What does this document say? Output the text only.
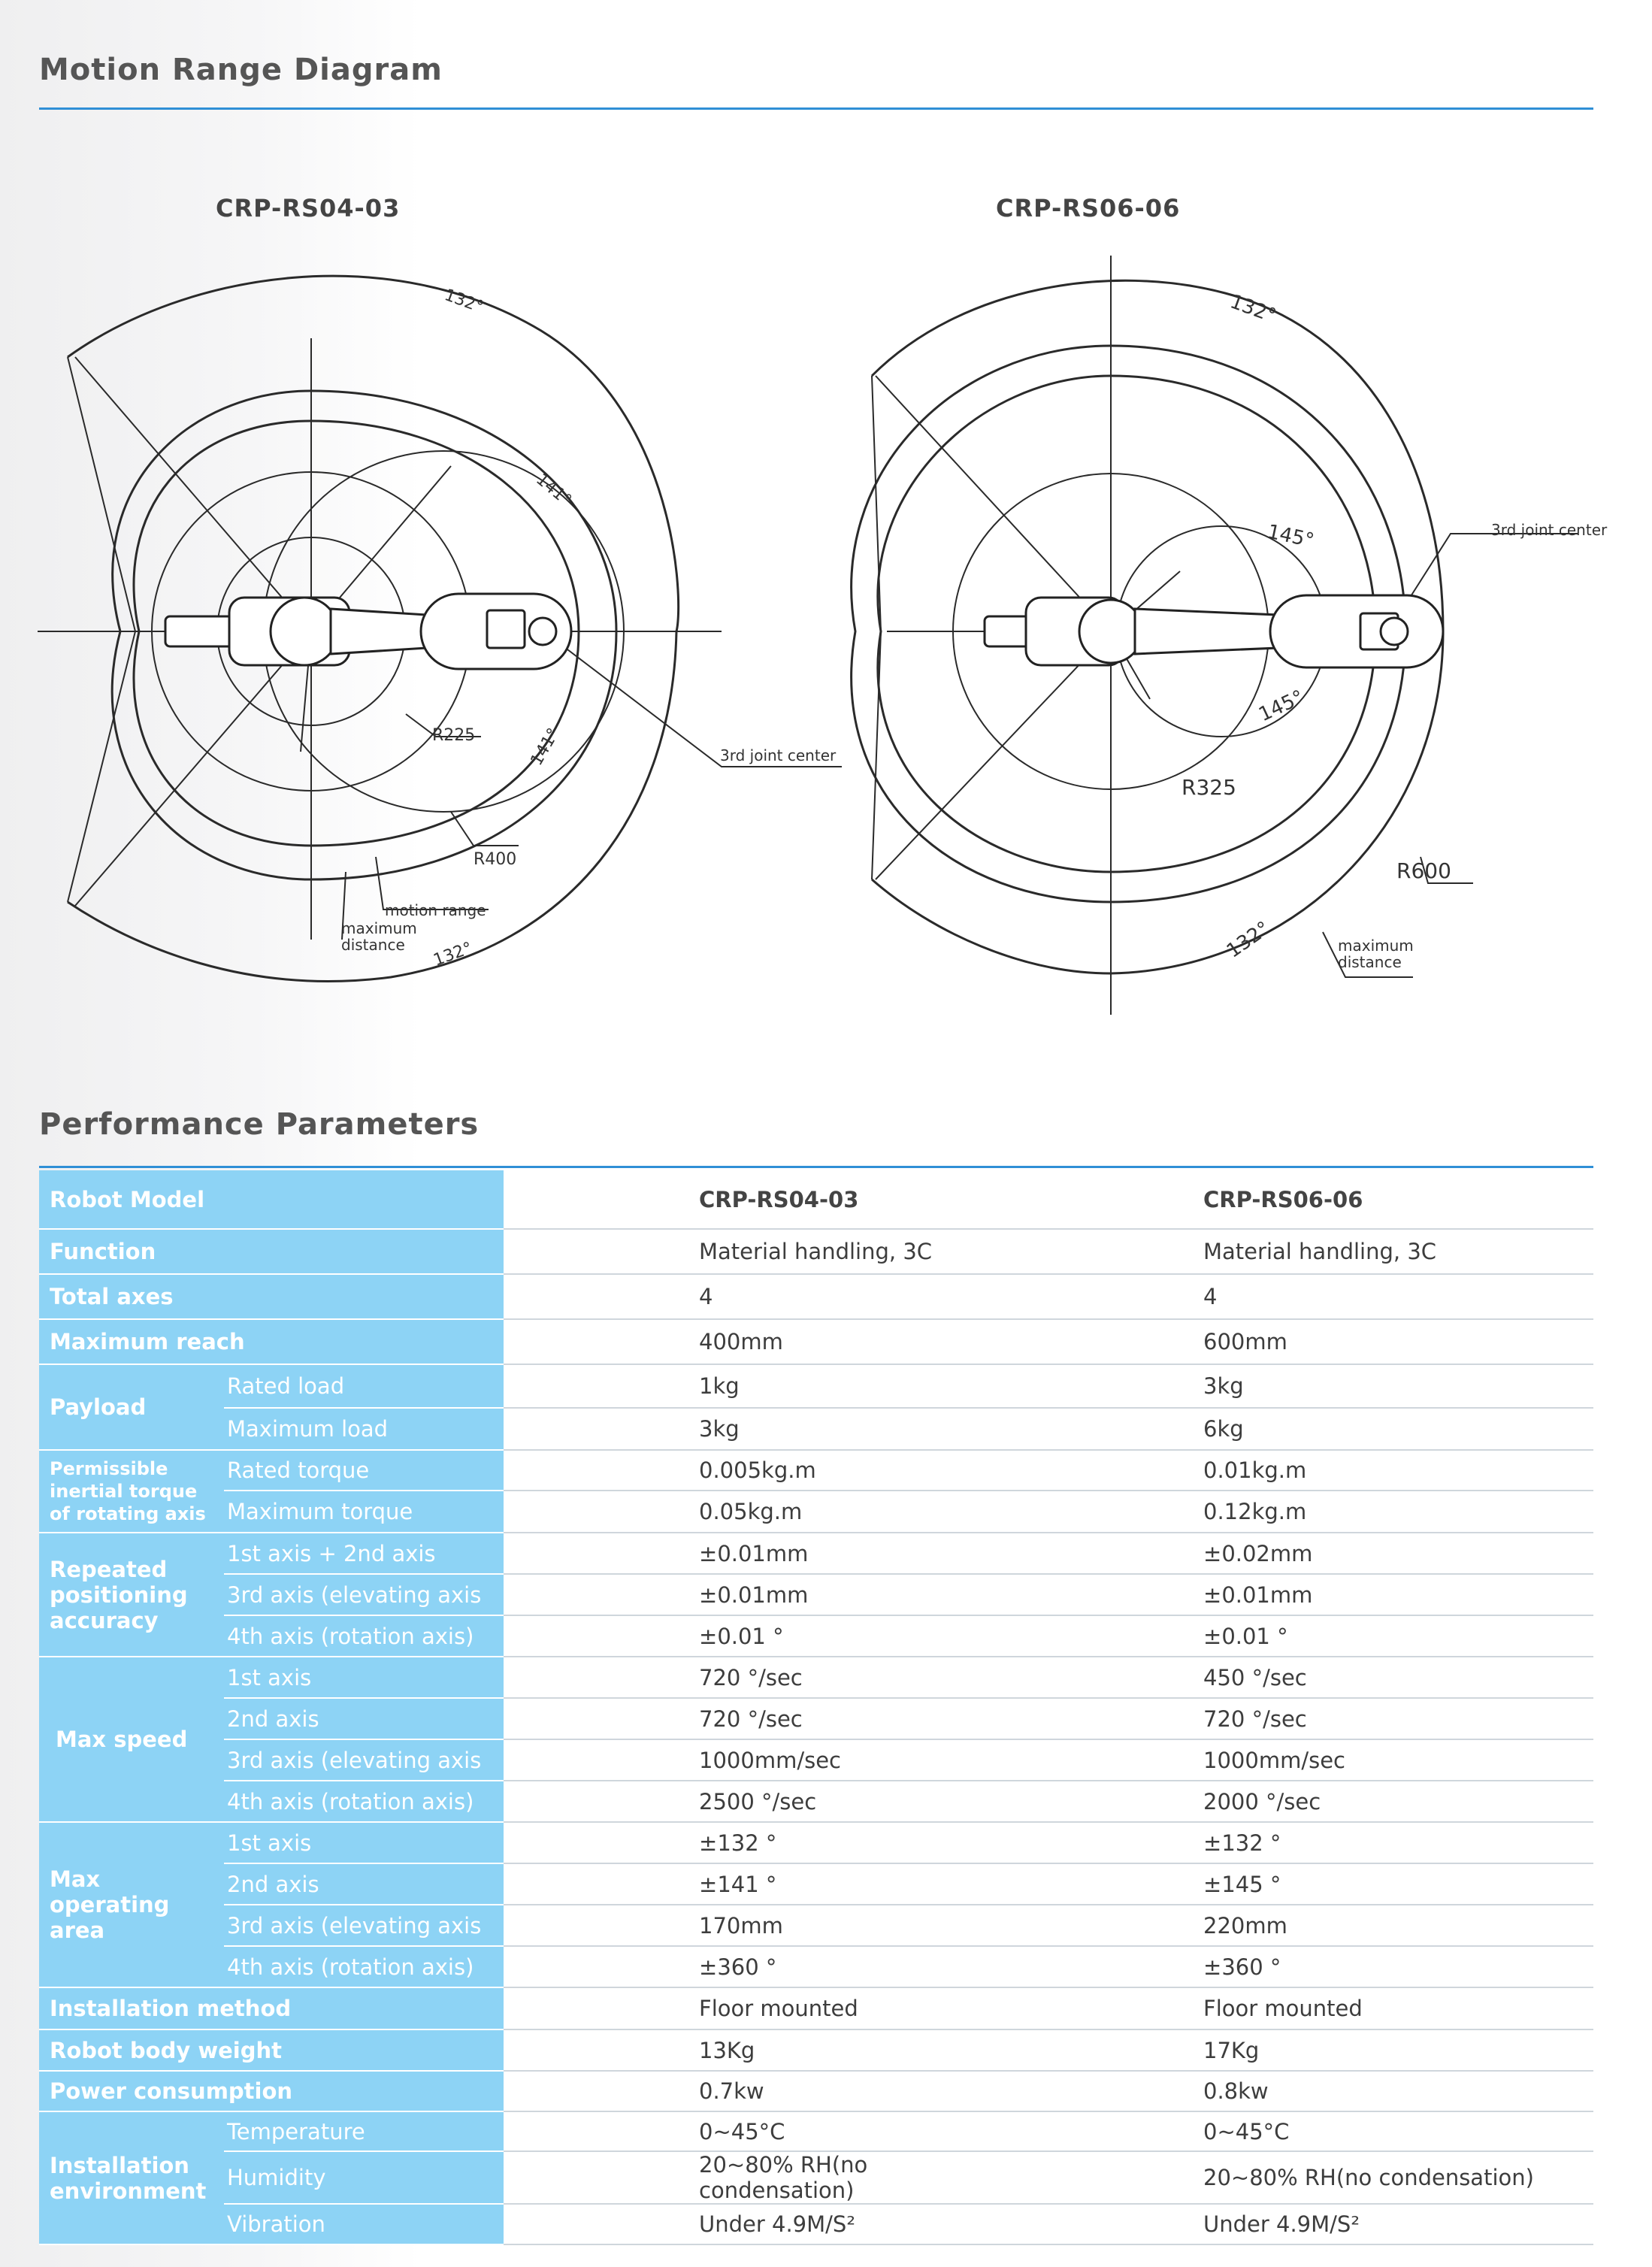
Motion Range Diagram
CRP-RS04-03	CRP-RS06-06
132°
141°
141°
132°
R225
R400
3rd joint center
motion range
maximum
distance
132°
145°
145°
132°
R325
R600
3rd joint center
maximum
distance
Performance Parameters
Robot Model		CRP-RS04-03	CRP-RS06-06
Function		Material handling, 3C	Material handling, 3C
Total axes		4	4
Maximum reach		400mm	600mm
Payload	Rated load	1kg	3kg
	Maximum load	3kg	6kg

Permissible
inertial torque
of rotating axis	Rated torque	0.005kg.m	0.01kg.m
	Maximum torque	0.05kg.m	0.12kg.m

Repeated
positioning
accuracy	1st axis + 2nd axis	±0.01mm	±0.02mm
	3rd axis (elevating axis	±0.01mm	±0.01mm
	4th axis (rotation axis)	±0.01 °	±0.01 °
Max speed	1st axis	720 °/sec	450 °/sec
	2nd axis	720 °/sec	720 °/sec
	3rd axis (elevating axis	1000mm/sec	1000mm/sec
	4th axis (rotation axis)	2500 °/sec	2000 °/sec

Max
operating
area	1st axis	±132 °	±132 °
	2nd axis	±141 °	±145 °
	3rd axis (elevating axis	170mm	220mm
	4th axis (rotation axis)	±360 °	±360 °
Installation method		Floor mounted	Floor mounted
Robot body weight		13Kg	17Kg
Power consumption		0.7kw	0.8kw

Installation
environment	Temperature	0~45°C	0~45°C
	Humidity	20~80% RH(no condensation)	20~80% RH(no condensation)
	Vibration	Under 4.9M/S²	Under 4.9M/S²
